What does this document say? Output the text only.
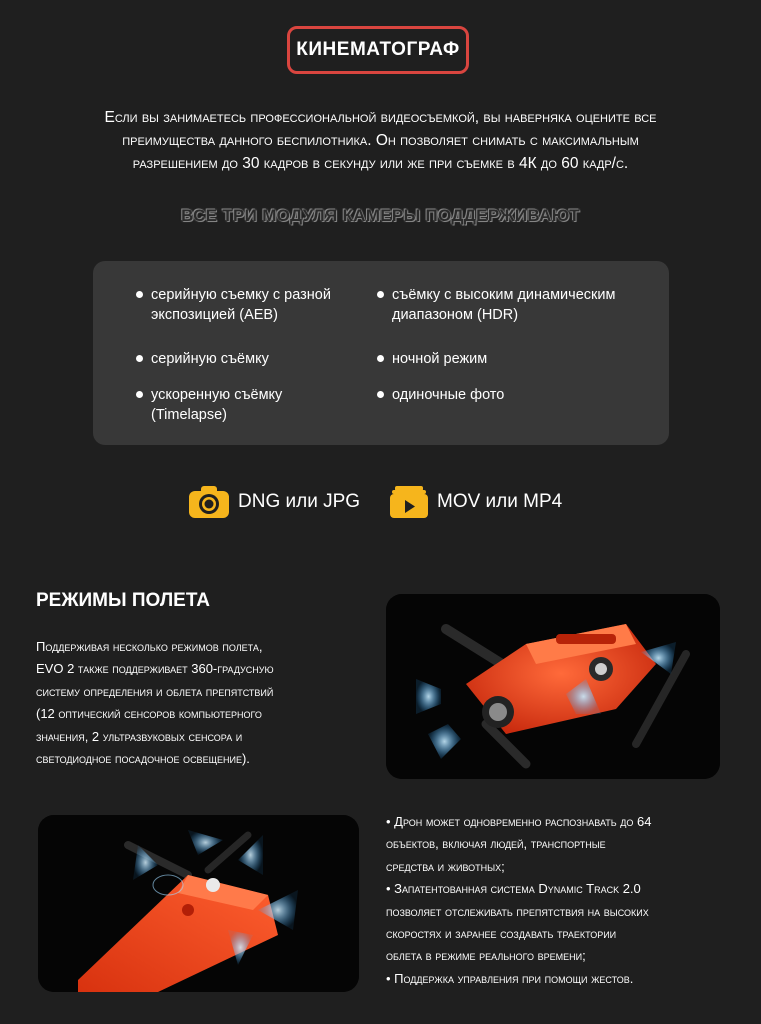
КИНЕМАТОГРАФ
Если вы занимаетесь профессиональной видеосъемкой, вы наверняка оцените все
преимущества данного беспилотника. Он позволяет снимать с максимальным
разрешением до 30 кадров в секунду или же при съемке в 4К до 60 кадр/с.
ВСЕ ТРИ МОДУЛЯ КАМЕРЫ ПОДДЕРЖИВАЮТ
серийную съемку с разной
экспозицией (AEB)
серийную съёмку
ускоренную съёмку
(Timelapse)
съёмку с высоким динамическим
диапазоном (HDR)
ночной режим
одиночные фото
DNG или JPG	MOV или MP4
РЕЖИМЫ ПОЛЕТА
Поддерживая несколько режимов полета,
EVO 2 также поддерживает 360-градусную
систему определения и облета препятствий
(12 оптический сенсоров компьютерного
значения, 2 ультразвуковых сенсора и
светодиодное посадочное освещение).
• Дрон может одновременно распознавать до 64
объектов, включая людей, транспортные
средства и животных;
• Запатентованная система Dynamic Track 2.0
позволяет отслеживать препятствия на высоких
скоростях и заранее создавать траектории
облета в режиме реального времени;
• Поддержка управления при помощи жестов.
